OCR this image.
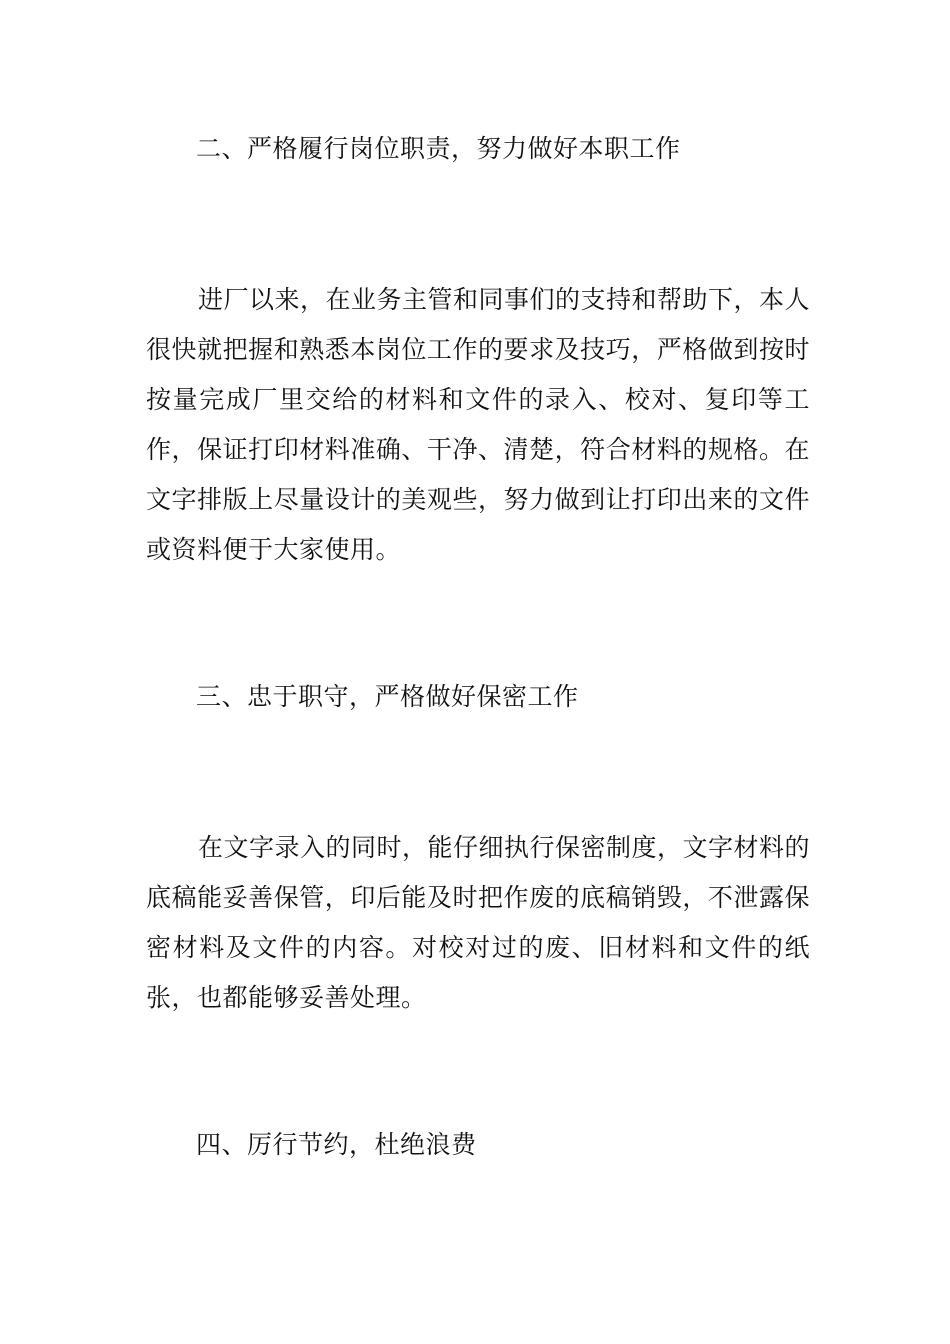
二、严格履行岗位职责，努力做好本职工作
进厂以来，在业务主管和同事们的支持和帮助下，本人很快就把握和熟悉本岗位工作的要求及技巧，严格做到按时按量完成厂里交给的材料和文件的录入、校对、复印等工作，保证打印材料准确、干净、清楚，符合材料的规格。在文字排版上尽量设计的美观些，努力做到让打印出来的文件或资料便于大家使用。
三、忠于职守，严格做好保密工作
在文字录入的同时，能仔细执行保密制度，文字材料的底稿能妥善保管，印后能及时把作废的底稿销毁，不泄露保密材料及文件的内容。对校对过的废、旧材料和文件的纸张，也都能够妥善处理。
四、厉行节约，杜绝浪费
